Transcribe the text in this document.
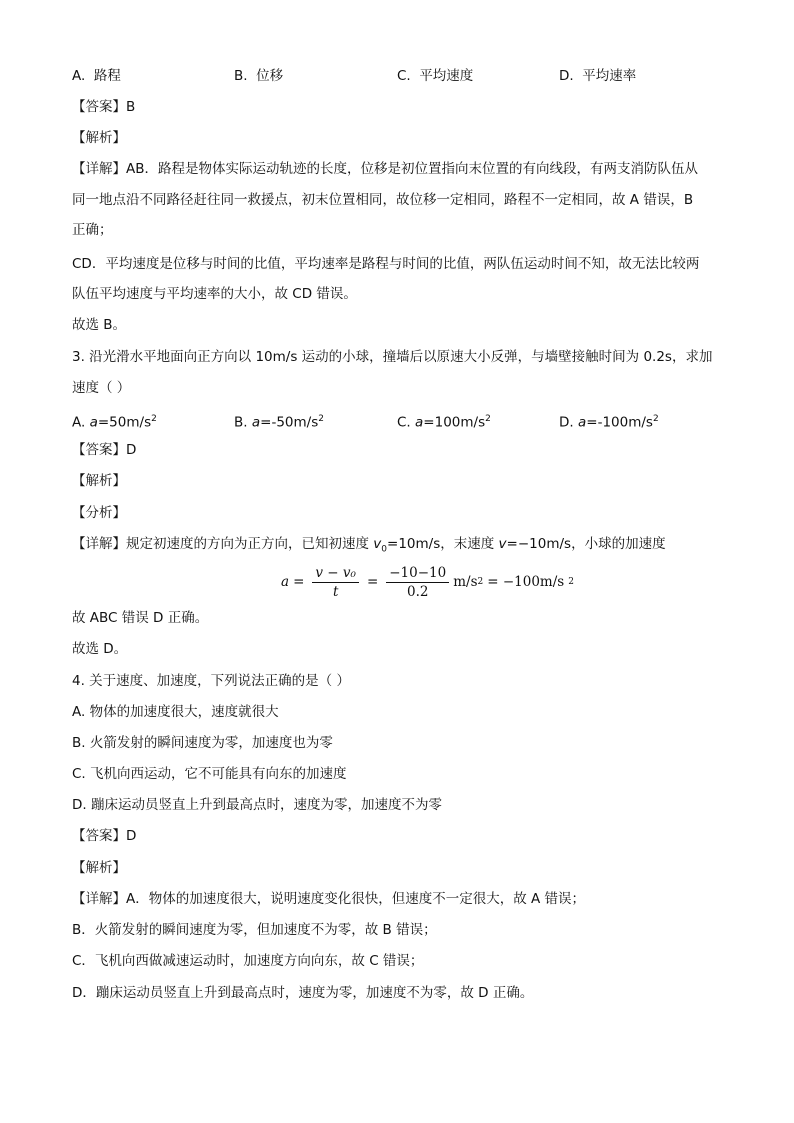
A. 路程	B. 位移	C. 平均速度	D. 平均速率
【答案】B
【解析】
【详解】AB．路程是物体实际运动轨迹的长度，位移是初位置指向末位置的有向线段，有两支消防队伍从
同一地点沿不同路径赶往同一救援点，初末位置相同，故位移一定相同，路程不一定相同，故 A 错误，B
正确；
CD．平均速度是位移与时间的比值，平均速率是路程与时间的比值，两队伍运动时间不知，故无法比较两
队伍平均速度与平均速率的大小，故 CD 错误。
故选 B。
3. 沿光滑水平地面向正方向以 10m/s 运动的小球，撞墙后以原速大小反弹，与墙壁接触时间为 0.2s，求加
速度（ ）
A. $a=50m/s^2$	B. $a=-50m/s^2$	C. $a=100m/s^2$	D. $a=-100m/s^2$
【答案】D
【解析】
【分析】
【详解】规定初速度的方向为正方向，已知初速度 $v_0=10m/s$，末速度 v=−10m/s，小球的加速度
$a = \frac{\text{v − v₀}}{t} = \frac{-10-10}{0.2} m/s$ 2 = −100m/s 2
故 ABC 错误 D 正确。
故选 D。
4. 关于速度、加速度，下列说法正确的是（ ）
A. 物体的加速度很大，速度就很大
B. 火箭发射的瞬间速度为零，加速度也为零
C. 飞机向西运动，它不可能具有向东的加速度
D. 蹦床运动员竖直上升到最高点时，速度为零，加速度不为零
【答案】D
【解析】
【详解】A．物体的加速度很大，说明速度变化很快，但速度不一定很大，故 A 错误；
B．火箭发射的瞬间速度为零，但加速度不为零，故 B 错误；
C．飞机向西做减速运动时，加速度方向向东，故 C 错误；
D．蹦床运动员竖直上升到最高点时，速度为零，加速度不为零，故 D 正确。
